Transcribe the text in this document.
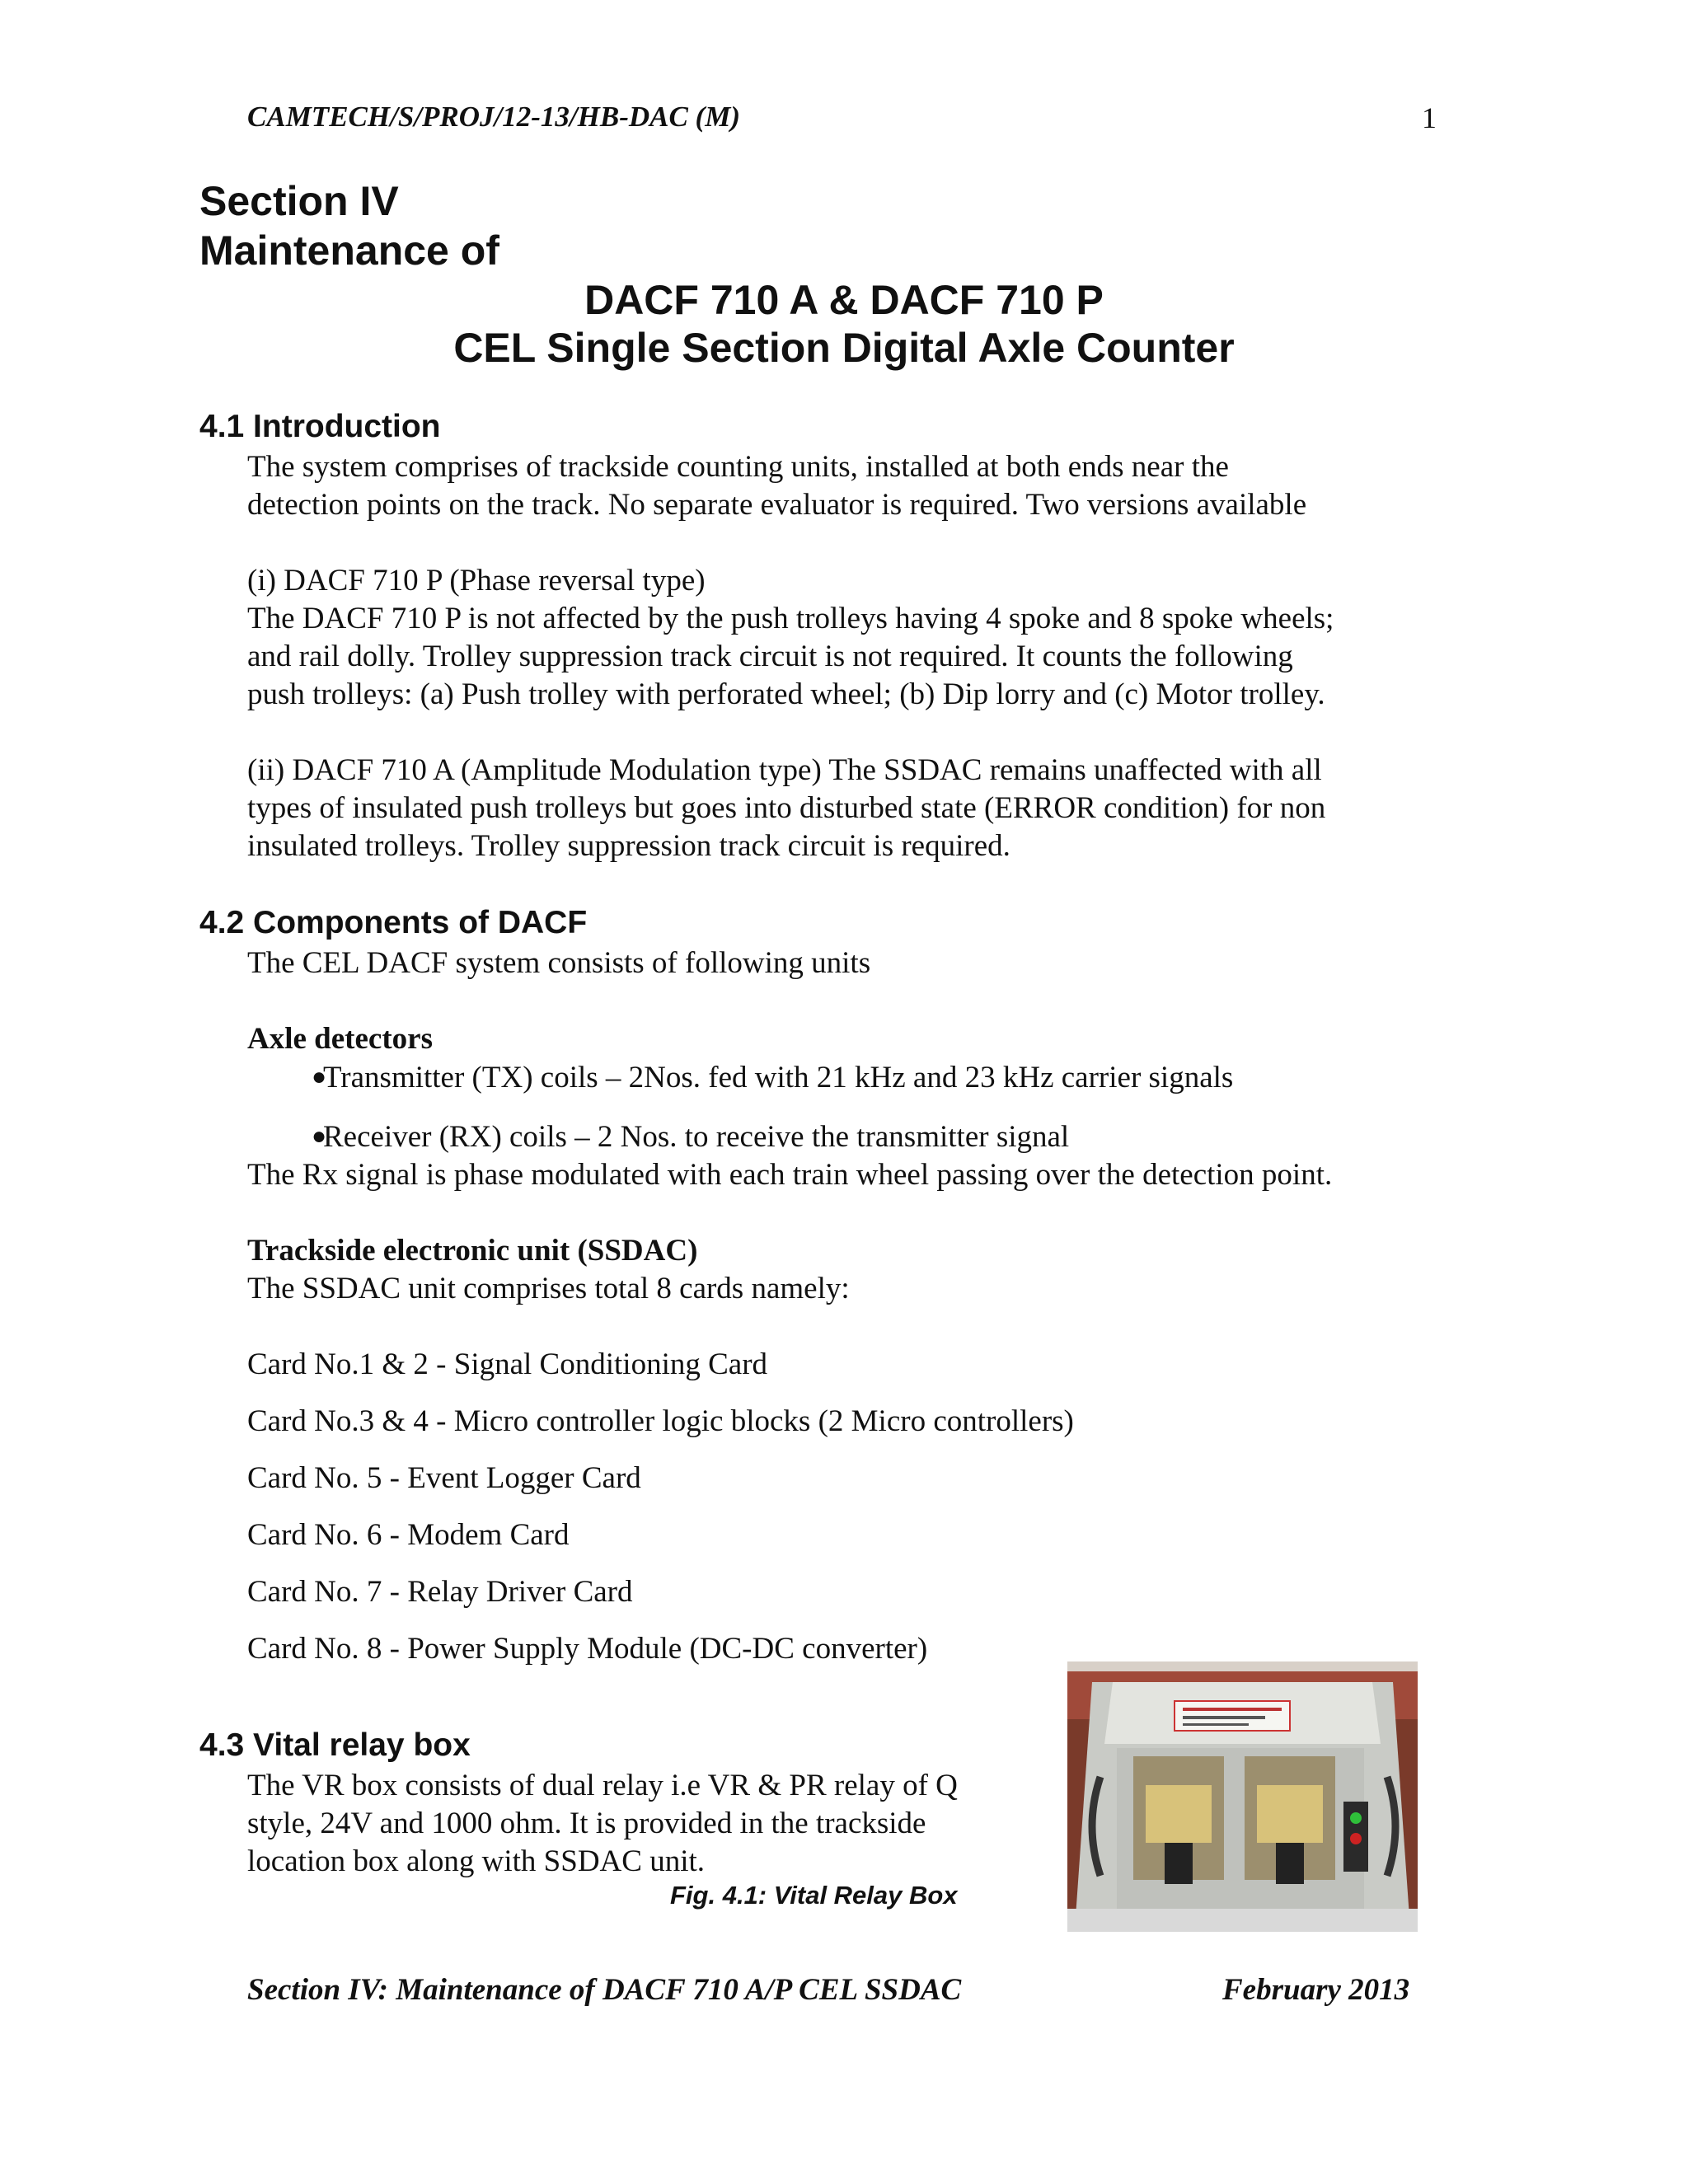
CAMTECH/S/PROJ/12-13/HB-DAC (M)	1
Section IV
Maintenance of
DACF 710 A & DACF 710 P
CEL Single Section Digital Axle Counter
4.1 Introduction
The system comprises of trackside counting units, installed at both ends near the
detection points on the track. No separate evaluator is required. Two versions available
(i) DACF 710 P (Phase reversal type)
The DACF 710 P is not affected by the push trolleys having 4 spoke and 8 spoke wheels;
and rail dolly. Trolley suppression track circuit is not required. It counts the following
push trolleys: (a) Push trolley with perforated wheel; (b) Dip lorry and (c) Motor trolley.
(ii) DACF 710 A (Amplitude Modulation type) The SSDAC remains unaffected with all
types of insulated push trolleys but goes into disturbed state (ERROR condition) for non
insulated trolleys. Trolley suppression track circuit is required.
4.2 Components of DACF
The CEL DACF system consists of following units
Axle detectors
●
Transmitter (TX) coils – 2Nos. fed with 21 kHz and 23 kHz carrier signals
●
Receiver (RX) coils – 2 Nos. to receive the transmitter signal
The Rx signal is phase modulated with each train wheel passing over the detection point.
Trackside electronic unit (SSDAC)
The SSDAC unit comprises total 8 cards namely:
Card No.1 & 2 - Signal Conditioning Card
Card No.3 & 4 - Micro controller logic blocks (2 Micro controllers)
Card No. 5 - Event Logger Card
Card No. 6 - Modem Card
Card No. 7 - Relay Driver Card
Card No. 8 - Power Supply Module (DC-DC converter)
4.3 Vital relay box
The VR box consists of dual relay i.e VR & PR relay of Q
style, 24V and 1000 ohm. It is provided in the trackside
location box along with SSDAC unit.
Fig. 4.1: Vital Relay Box
Section IV: Maintenance of DACF 710 A/P CEL SSDAC	February 2013
